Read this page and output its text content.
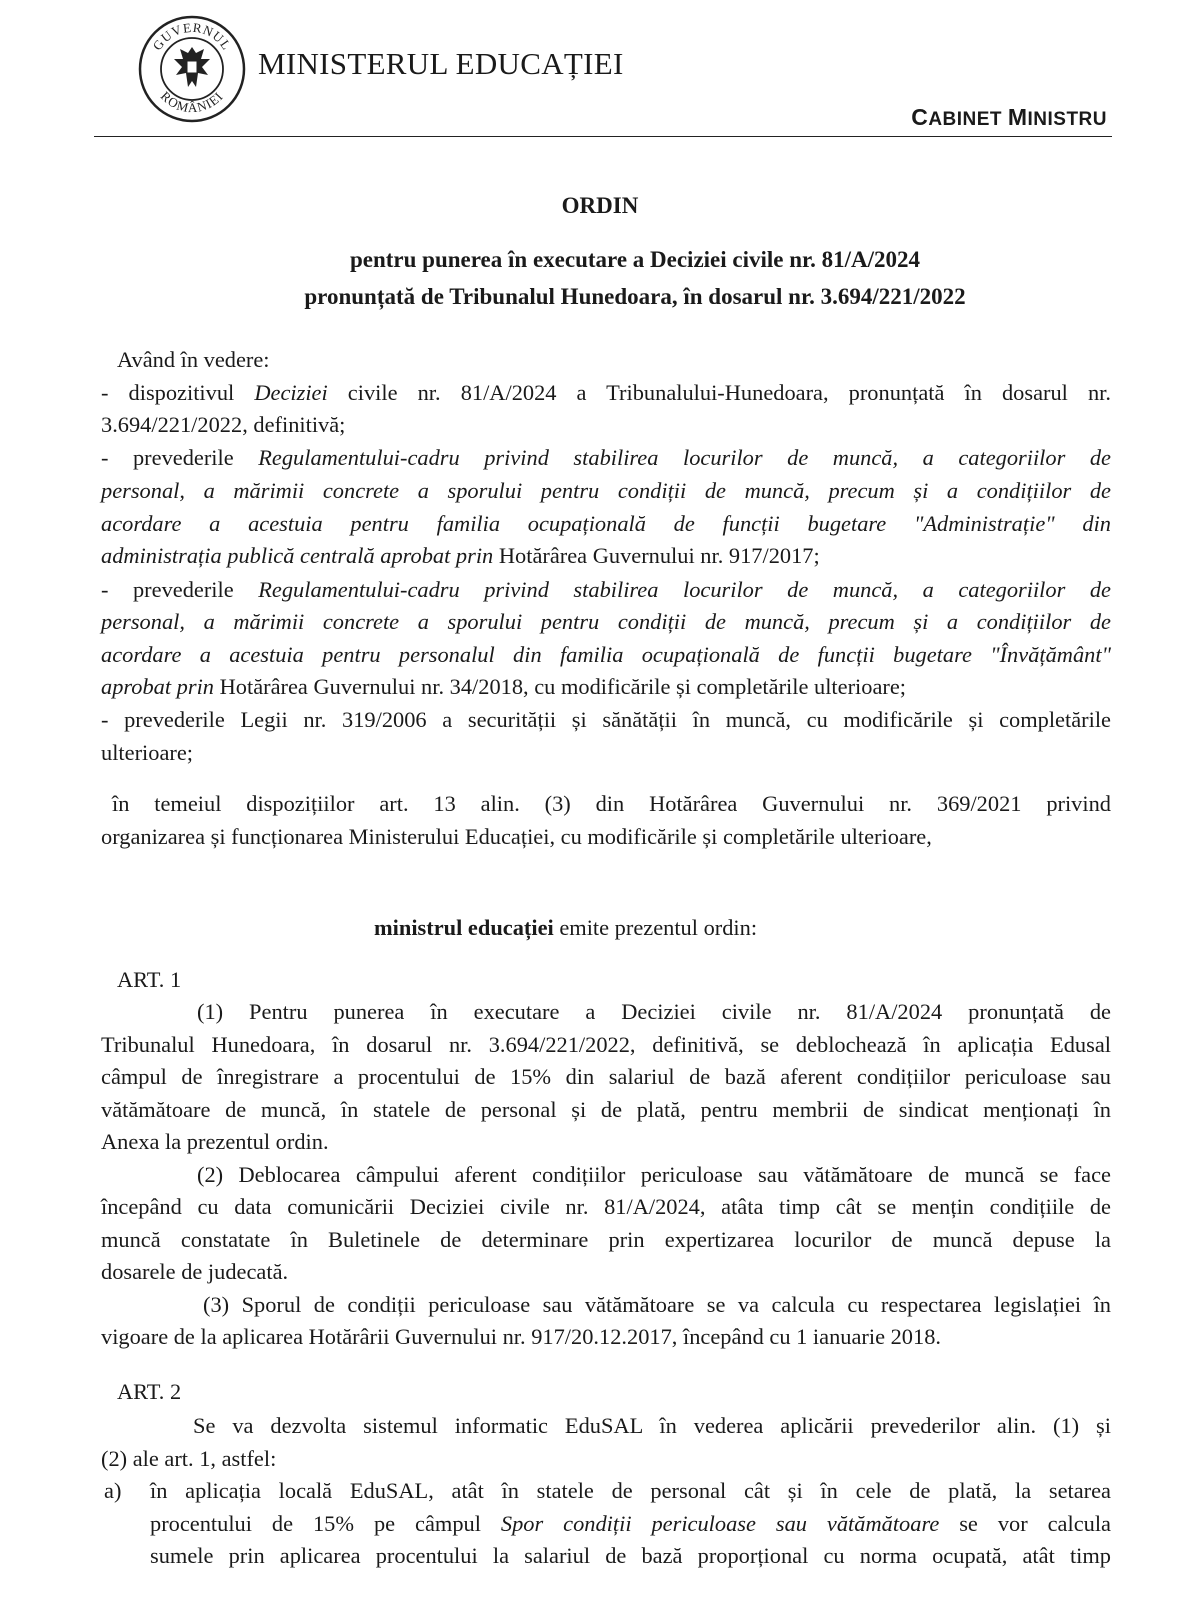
GUVERNUL
ROMÂNIEI
MINISTERUL EDUCAȚIEI
CABINET MINISTRU
ORDIN
pentru punerea în executare a Deciziei civile nr. 81/A/2024
pronunțată de Tribunalul Hunedoara, în dosarul nr. 3.694/221/2022
Având în vedere:
- dispozitivul Deciziei civile nr. 81/A/2024 a Tribunalului-Hunedoara, pronunțată în dosarul nr.
3.694/221/2022, definitivă;
- prevederile Regulamentului-cadru privind stabilirea locurilor de muncă, a categoriilor de
personal, a mărimii concrete a sporului pentru condiții de muncă, precum și a condițiilor de
acordare a acestuia pentru familia ocupațională de funcții bugetare "Administrație" din
administrația publică centrală aprobat prin Hotărârea Guvernului nr. 917/2017;
- prevederile Regulamentului-cadru privind stabilirea locurilor de muncă, a categoriilor de
personal, a mărimii concrete a sporului pentru condiții de muncă, precum și a condițiilor de
acordare a acestuia pentru personalul din familia ocupațională de funcții bugetare "Învățământ"
aprobat prin Hotărârea Guvernului nr. 34/2018, cu modificările și completările ulterioare;
- prevederile Legii nr. 319/2006 a securității și sănătății în muncă, cu modificările și completările
ulterioare;
în temeiul dispozițiilor art. 13 alin. (3) din Hotărârea Guvernului nr. 369/2021 privind
organizarea și funcționarea Ministerului Educației, cu modificările și completările ulterioare,
ministrul educației emite prezentul ordin:
ART. 1
(1) Pentru punerea în executare a Deciziei civile nr. 81/A/2024 pronunțată de
Tribunalul Hunedoara, în dosarul nr. 3.694/221/2022, definitivă, se deblochează în aplicația Edusal
câmpul de înregistrare a procentului de 15% din salariul de bază aferent condițiilor periculoase sau
vătămătoare de muncă, în statele de personal și de plată, pentru membrii de sindicat menționați în
Anexa la prezentul ordin.
(2) Deblocarea câmpului aferent condițiilor periculoase sau vătămătoare de muncă se face
începând cu data comunicării Deciziei civile nr. 81/A/2024, atâta timp cât se mențin condițiile de
muncă constatate în Buletinele de determinare prin expertizarea locurilor de muncă depuse la
dosarele de judecată.
(3) Sporul de condiții periculoase sau vătămătoare se va calcula cu respectarea legislației în
vigoare de la aplicarea Hotărârii Guvernului nr. 917/20.12.2017, începând cu 1 ianuarie 2018.
ART. 2
Se va dezvolta sistemul informatic EduSAL în vederea aplicării prevederilor alin. (1) și
(2) ale art. 1, astfel:
a)	în aplicația locală EduSAL, atât în statele de personal cât și în cele de plată, la setarea
procentului de 15% pe câmpul Spor condiții periculoase sau vătămătoare se vor calcula
sumele prin aplicarea procentului la salariul de bază proporțional cu norma ocupată, atât timp
